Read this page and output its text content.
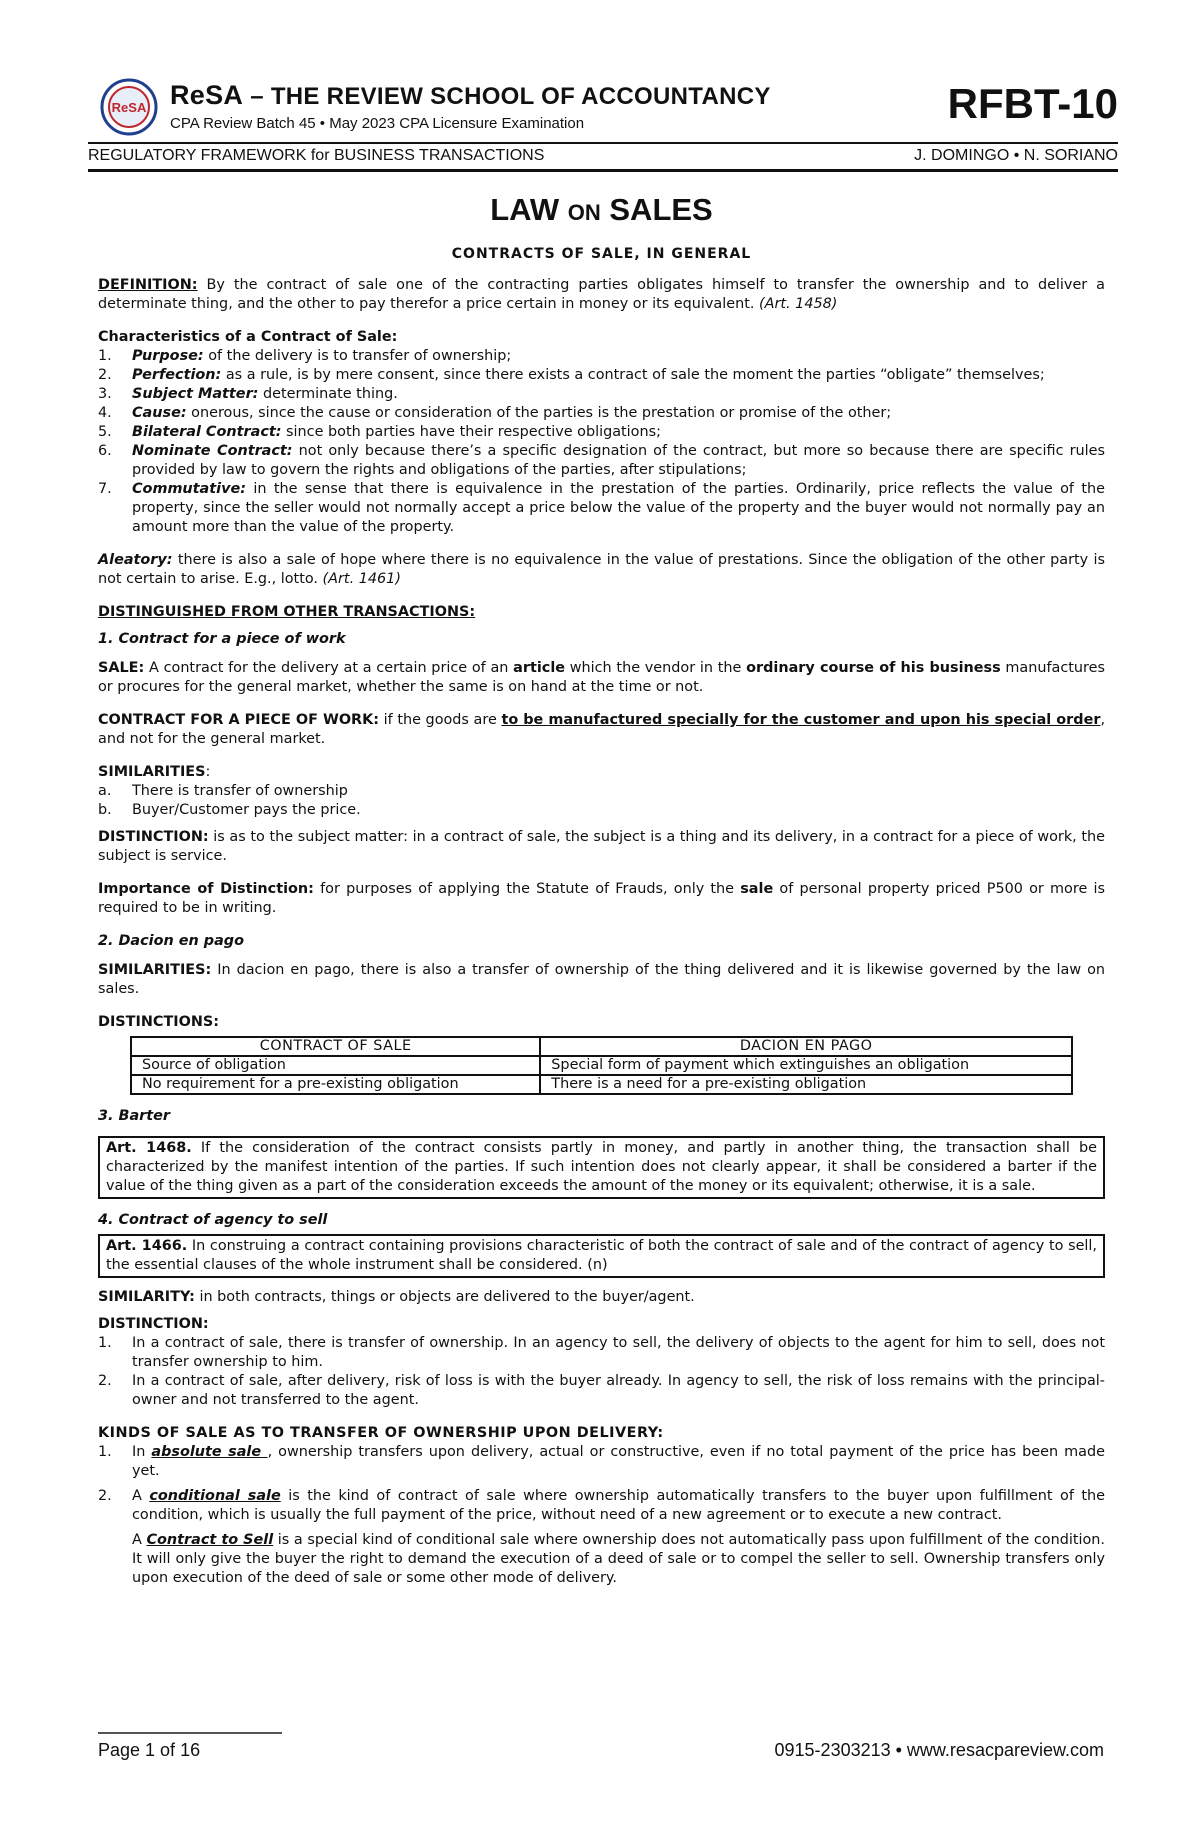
ReSA ReSA – THE REVIEW SCHOOL OF ACCOUNTANCY
CPA Review Batch 45 • May 2023 CPA Licensure Examination	RFBT-10
REGULATORY FRAMEWORK for BUSINESS TRANSACTIONS	J. DOMINGO • N. SORIANO
LAW ON SALES
CONTRACTS OF SALE, IN GENERAL

DEFINITION: By the contract of sale one of the contracting parties obligates himself to transfer the ownership and to deliver a determinate thing, and the other to pay therefor a price certain in money or its equivalent. (Art. 1458)

Characteristics of a Contract of Sale:

1. Purpose: of the delivery is to transfer of ownership;
2. Perfection: as a rule, is by mere consent, since there exists a contract of sale the moment the parties “obligate” themselves;
3. Subject Matter: determinate thing.
4. Cause: onerous, since the cause or consideration of the parties is the prestation or promise of the other;
5. Bilateral Contract: since both parties have their respective obligations;
6. Nominate Contract: not only because there’s a specific designation of the contract, but more so because there are specific rules provided by law to govern the rights and obligations of the parties, after stipulations;
7. Commutative: in the sense that there is equivalence in the prestation of the parties. Ordinarily, price reflects the value of the property, since the seller would not normally accept a price below the value of the property and the buyer would not normally pay an amount more than the value of the property.

Aleatory: there is also a sale of hope where there is no equivalence in the value of prestations. Since the obligation of the other party is not certain to arise. E.g., lotto. (Art. 1461)

DISTINGUISHED FROM OTHER TRANSACTIONS:

1. Contract for a piece of work

SALE: A contract for the delivery at a certain price of an article which the vendor in the ordinary course of his business manufactures or procures for the general market, whether the same is on hand at the time or not.

CONTRACT FOR A PIECE OF WORK: if the goods are to be manufactured specially for the customer and upon his special order, and not for the general market.

SIMILARITIES:

a. There is transfer of ownership
b. Buyer/Customer pays the price.

DISTINCTION: is as to the subject matter: in a contract of sale, the subject is a thing and its delivery, in a contract for a piece of work, the subject is service.

Importance of Distinction: for purposes of applying the Statute of Frauds, only the sale of personal property priced P500 or more is required to be in writing.

2. Dacion en pago

SIMILARITIES: In dacion en pago, there is also a transfer of ownership of the thing delivered and it is likewise governed by the law on sales.

DISTINCTIONS:

CONTRACT OF SALE	DACION EN PAGO
Source of obligation	Special form of payment which extinguishes an obligation
No requirement for a pre-existing obligation	There is a need for a pre-existing obligation

3. Barter

Art. 1468. If the consideration of the contract consists partly in money, and partly in another thing, the transaction shall be characterized by the manifest intention of the parties. If such intention does not clearly appear, it shall be considered a barter if the value of the thing given as a part of the consideration exceeds the amount of the money or its equivalent; otherwise, it is a sale.

4. Contract of agency to sell

Art. 1466. In construing a contract containing provisions characteristic of both the contract of sale and of the contract of agency to sell, the essential clauses of the whole instrument shall be considered. (n)

SIMILARITY: in both contracts, things or objects are delivered to the buyer/agent.

DISTINCTION:

1. In a contract of sale, there is transfer of ownership. In an agency to sell, the delivery of objects to the agent for him to sell, does not transfer ownership to him.
2. In a contract of sale, after delivery, risk of loss is with the buyer already. In agency to sell, the risk of loss remains with the principal-owner and not transferred to the agent.

KINDS OF SALE AS TO TRANSFER OF OWNERSHIP UPON DELIVERY:

1. In absolute sale , ownership transfers upon delivery, actual or constructive, even if no total payment of the price has been made yet.
2. A conditional sale is the kind of contract of sale where ownership automatically transfers to the buyer upon fulfillment of the condition, which is usually the full payment of the price, without need of a new agreement or to execute a new contract.

A Contract to Sell is a special kind of conditional sale where ownership does not automatically pass upon fulfillment of the condition. It will only give the buyer the right to demand the execution of a deed of sale or to compel the seller to sell. Ownership transfers only upon execution of the deed of sale or some other mode of delivery.

Page 1 of 16	0915-2303213 • www.resacpareview.com
